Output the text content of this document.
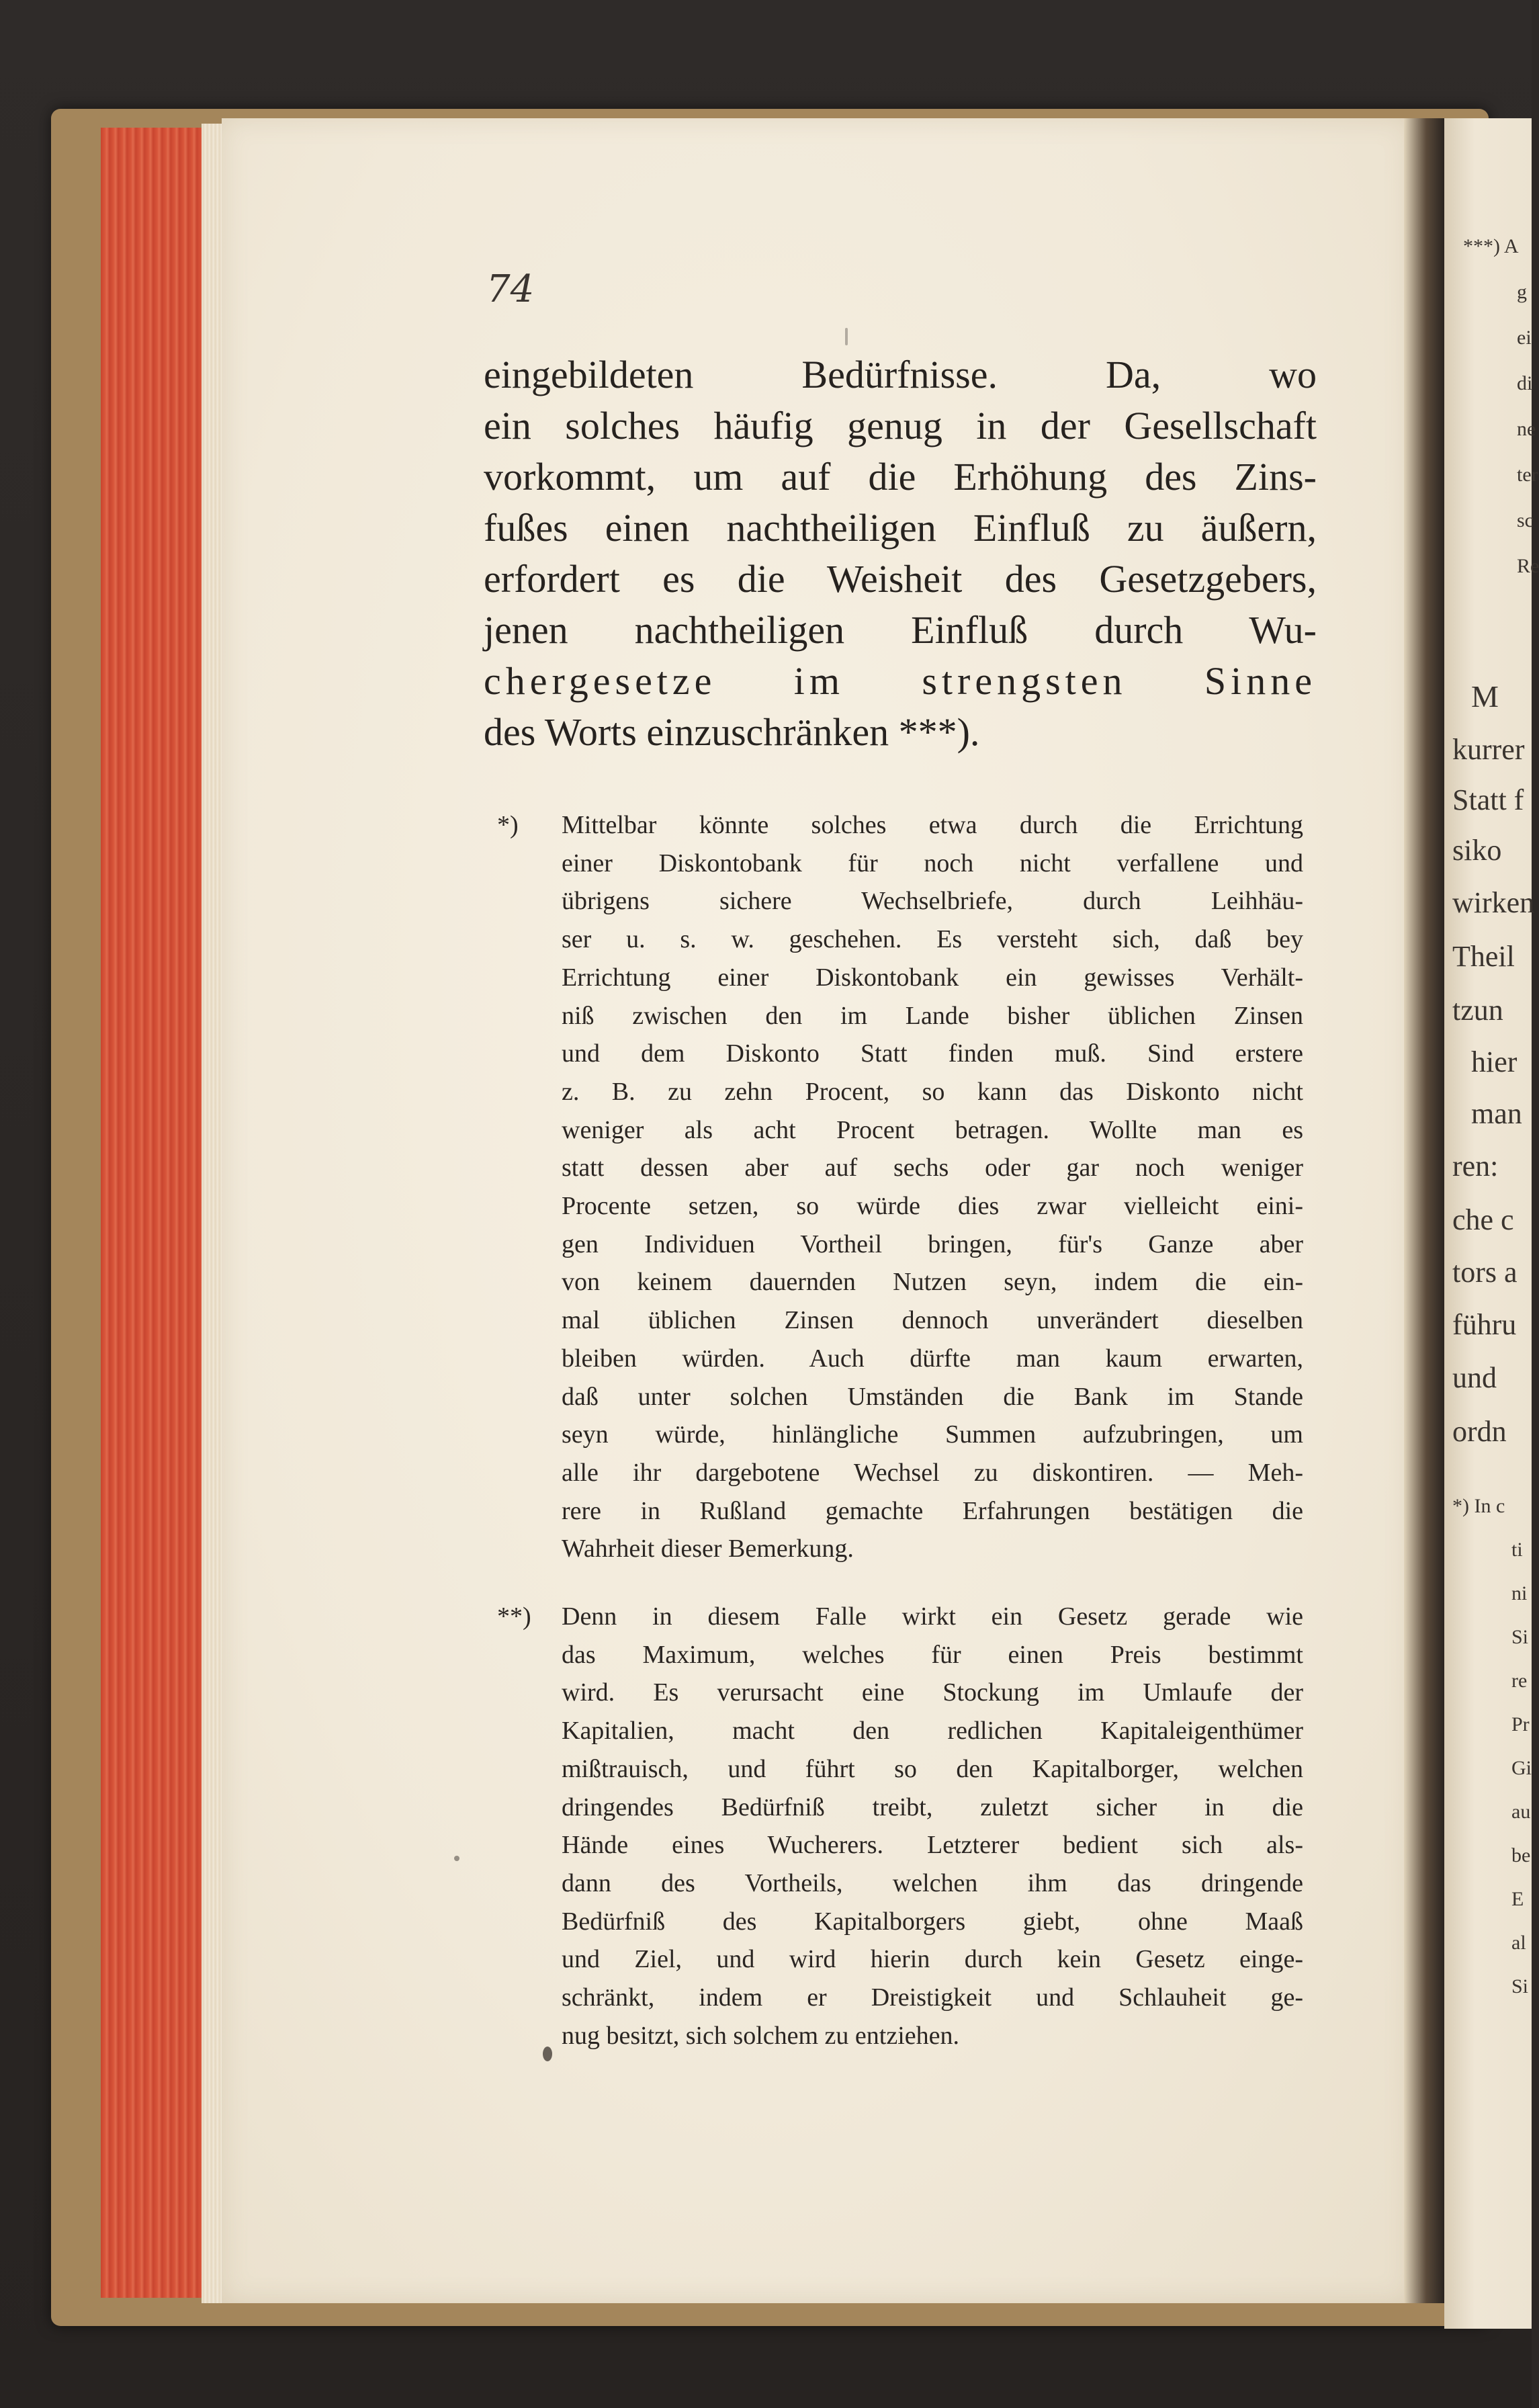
***) A
g
ei
di
ne
ter
sc
Re
M
kurrer
Statt f
siko
wirken
Theil
tzun
hier
man
ren:
che c
tors a
führu
und
ordn
*) In c
ti
ni
Si
re
Pr
Gi
au
be
E
al
Si
74
eingebildeten Bedürfnisse. Da, wo
ein solches häufig genug in der Gesellschaft
vorkommt, um auf die Erhöhung des Zins-
fußes einen nachtheiligen Einfluß zu äußern,
erfordert es die Weisheit des Gesetzgebers,
jenen nachtheiligen Einfluß durch Wu-
chergesetze im strengsten Sinne
des Worts einzuschränken ***).
*)	Mittelbar könnte solches etwa durch die Errichtung
einer Diskontobank für noch nicht verfallene und
übrigens sichere Wechselbriefe, durch Leihhäu-
ser u. s. w. geschehen. Es versteht sich, daß bey
Errichtung einer Diskontobank ein gewisses Verhält-
niß zwischen den im Lande bisher üblichen Zinsen
und dem Diskonto Statt finden muß. Sind erstere
z. B. zu zehn Procent, so kann das Diskonto nicht
weniger als acht Procent betragen. Wollte man es
statt dessen aber auf sechs oder gar noch weniger
Procente setzen, so würde dies zwar vielleicht eini-
gen Individuen Vortheil bringen, für's Ganze aber
von keinem dauernden Nutzen seyn, indem die ein-
mal üblichen Zinsen dennoch unverändert dieselben
bleiben würden. Auch dürfte man kaum erwarten,
daß unter solchen Umständen die Bank im Stande
seyn würde, hinlängliche Summen aufzubringen, um
alle ihr dargebotene Wechsel zu diskontiren. — Meh-
rere in Rußland gemachte Erfahrungen bestätigen die
Wahrheit dieser Bemerkung.
**)	Denn in diesem Falle wirkt ein Gesetz gerade wie
das Maximum, welches für einen Preis bestimmt
wird. Es verursacht eine Stockung im Umlaufe der
Kapitalien, macht den redlichen Kapitaleigenthümer
mißtrauisch, und führt so den Kapitalborger, welchen
dringendes Bedürfniß treibt, zuletzt sicher in die
Hände eines Wucherers. Letzterer bedient sich als-
dann des Vortheils, welchen ihm das dringende
Bedürfniß des Kapitalborgers giebt, ohne Maaß
und Ziel, und wird hierin durch kein Gesetz einge-
schränkt, indem er Dreistigkeit und Schlauheit ge-
nug besitzt, sich solchem zu entziehen.
